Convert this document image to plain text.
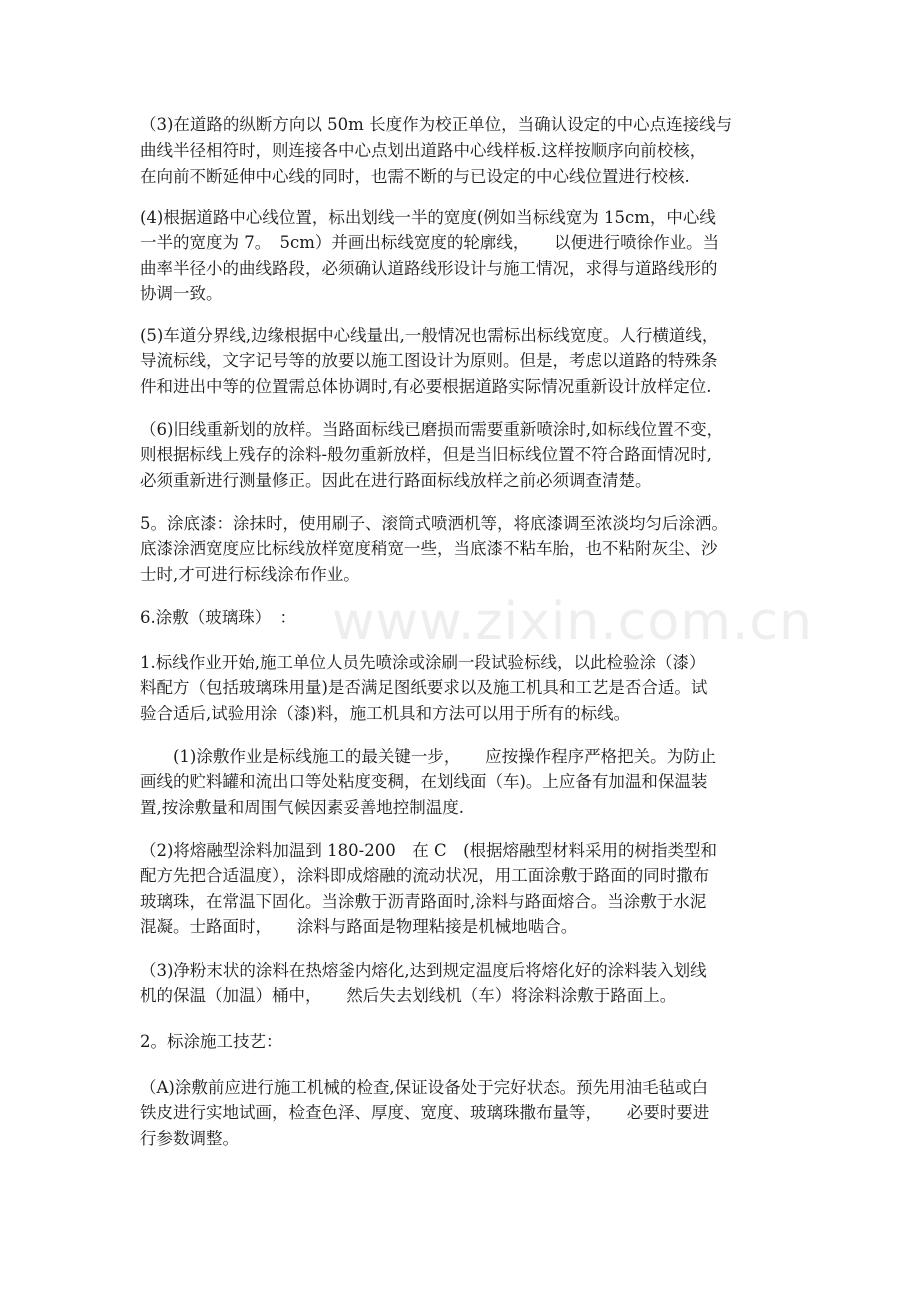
www.zixin.com.cn
（3)在道路的纵断方向以 50m 长度作为校正单位，当确认设定的中心点连接线与
曲线半径相符时，则连接各中心点划出道路中心线样板.这样按顺序向前校核，
在向前不断延伸中心线的同时，也需不断的与已设定的中心线位置进行校核.
(4)根据道路中心线位置，标出划线一半的宽度(例如当标线宽为 15cm，中心线
一半的宽度为 7。　5cm）并画出标线宽度的轮廓线，　　以便进行喷徐作业。当
曲率半径小的曲线路段，必须确认道路线形设计与施工情况，求得与道路线形的
协调一致。
(5)车道分界线,边缘根据中心线量出,一般情况也需标出标线宽度。人行横道线，
导流标线，文字记号等的放要以施工图设计为原则。但是，考虑以道路的特殊条
件和进出中等的位置需总体协调时,有必要根据道路实际情况重新设计放样定位.
（6)旧线重新划的放样。当路面标线已磨损而需要重新喷涂时,如标线位置不变，
则根据标线上残存的涂料-般勿重新放样，但是当旧标线位置不符合路面情况时,
必须重新进行测量修正。因此在进行路面标线放样之前必须调查清楚。
5。涂底漆：涂抹时，使用刷子、滚筒式喷洒机等，将底漆调至浓淡均匀后涂洒。
底漆涂洒宽度应比标线放样宽度稍宽一些，当底漆不粘车胎，也不粘附灰尘、沙
士时,才可进行标线涂布作业。
6.涂敷（玻璃珠）　：
1.标线作业开始,施工单位人员先喷涂或涂刷一段试验标线，以此检验涂（漆）
料配方（包括玻璃珠用量)是否满足图纸要求以及施工机具和工艺是否合适。试
验合适后,试验用涂（漆)料，施工机具和方法可以用于所有的标线。
　　(1)涂敷作业是标线施工的最关键一步，　　应按操作程序严格把关。为防止
画线的贮料罐和流出口等处粘度变稠，在划线面（车)。上应备有加温和保温装
置,按涂敷量和周围气候因素妥善地控制温度.
（2)将熔融型涂料加温到 180-200　在 C　(根据熔融型材料采用的树指类型和
配方先把合适温度），涂料即成熔融的流动状况，用工面涂敷于路面的同时撒布
玻璃珠，在常温下固化。当涂敷于沥青路面时,涂料与路面熔合。当涂敷于水泥
混凝。士路面时，　　涂料与路面是物理粘接是机械地啮合。
（3)净粉末状的涂料在热熔釜内熔化,达到规定温度后将熔化好的涂料装入划线
机的保温（加温）桶中，　　然后失去划线机（车）将涂料涂敷于路面上。
2。标涂施工技艺：
（A)涂敷前应进行施工机械的检查,保证设备处于完好状态。预先用油毛毡或白
铁皮进行实地试画，检查色泽、厚度、宽度、玻璃珠撒布量等，　　必要时要进
行参数调整。
